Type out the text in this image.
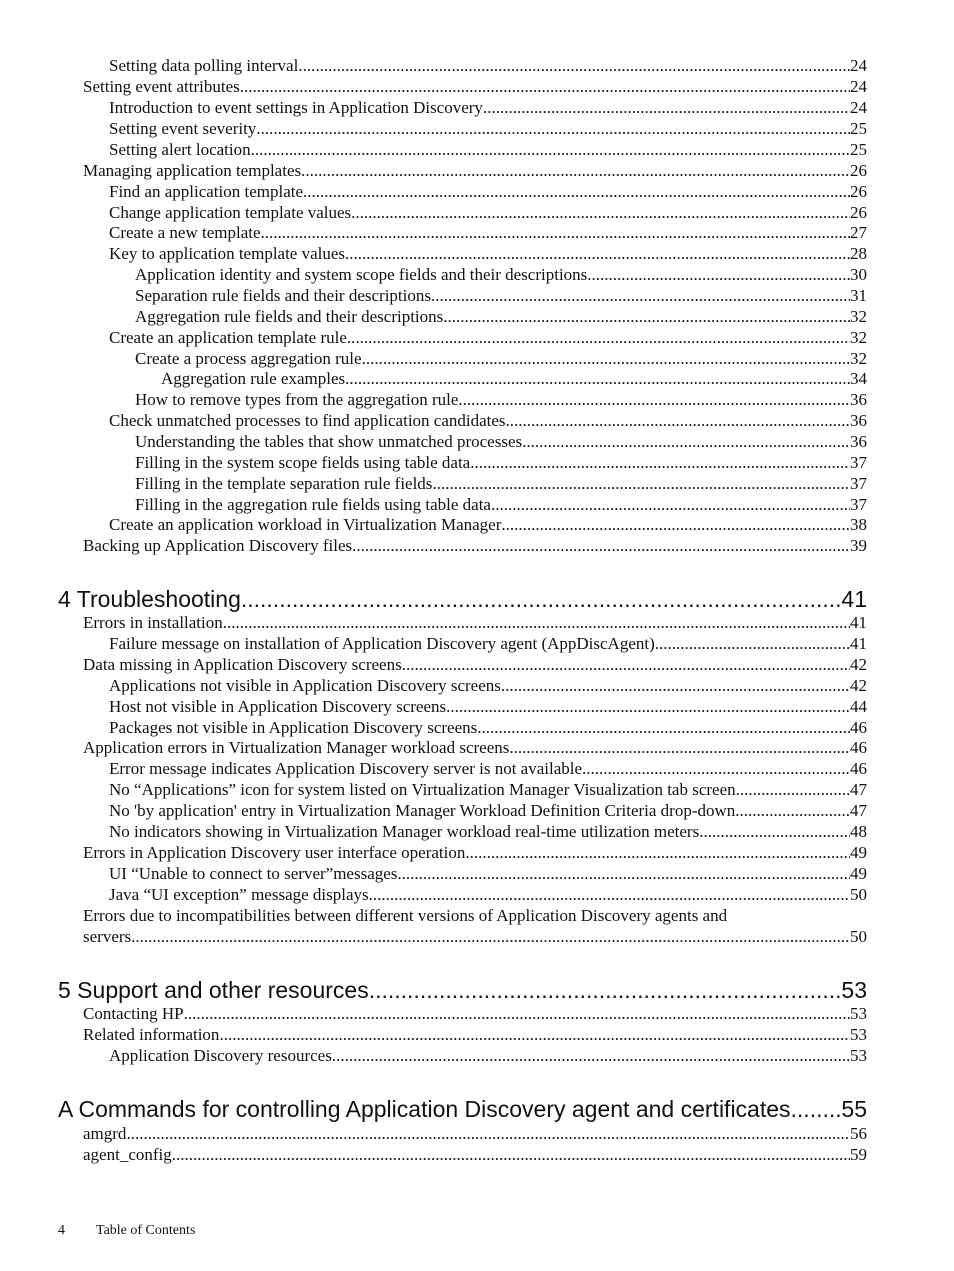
Setting data polling interval .....	24
Setting event attributes .....	24
Introduction to event settings in Application Discovery .....	24
Setting event severity .....	25
Setting alert location .....	25
Managing application templates .....	26
Find an application template .....	26
Change application template values .....	26
Create a new template .....	27
Key to application template values .....	28
Application identity and system scope fields and their descriptions .....	30
Separation rule fields and their descriptions .....	31
Aggregation rule fields and their descriptions .....	32
Create an application template rule .....	32
Create a process aggregation rule .....	32
Aggregation rule examples .....	34
How to remove types from the aggregation rule .....	36
Check unmatched processes to find application candidates .....	36
Understanding the tables that show unmatched processes .....	36
Filling in the system scope fields using table data .....	37
Filling in the template separation rule fields .....	37
Filling in the aggregation rule fields using table data .....	37
Create an application workload in Virtualization Manager .....	38
Backing up Application Discovery files .....	39
4 Troubleshooting .....	41
Errors in installation .....	41
Failure message on installation of Application Discovery agent (AppDiscAgent) .....	41
Data missing in Application Discovery screens .....	42
Applications not visible in Application Discovery screens .....	42
Host not visible in Application Discovery screens .....	44
Packages not visible in Application Discovery screens .....	46
Application errors in Virtualization Manager workload screens .....	46
Error message indicates Application Discovery server is not available .....	46
No “Applications” icon for system listed on Virtualization Manager Visualization tab screen .....	47
No 'by application' entry in Virtualization Manager Workload Definition Criteria drop-down .....	47
No indicators showing in Virtualization Manager workload real-time utilization meters .....	48
Errors in Application Discovery user interface operation .....	49
UI “Unable to connect to server”messages .....	49
Java “UI exception” message displays .....	50
Errors due to incompatibilities between different versions of Application Discovery agents and
servers .....	50
5 Support and other resources .....	53
Contacting HP .....	53
Related information .....	53
Application Discovery resources .....	53
A Commands for controlling Application Discovery agent and certificates ..... 55
amgrd .....	56
agent_config .....	59
4 Table of Contents
